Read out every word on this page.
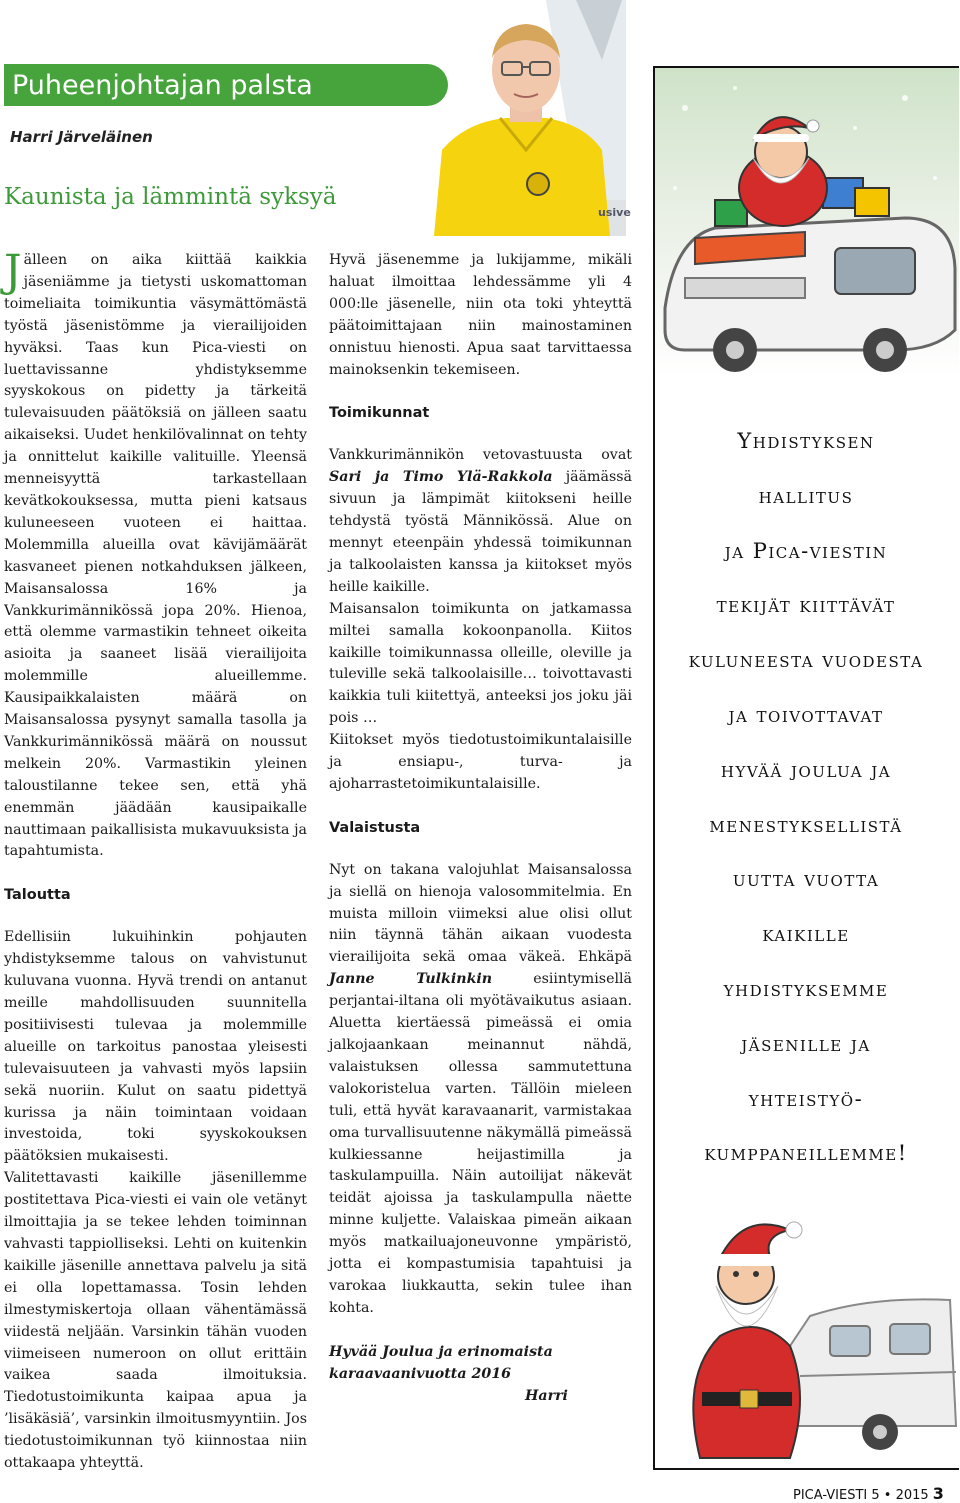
Puheenjohtajan palsta
Harri Järveläinen
Kaunista ja lämmintä syksyä
usive

Jälleen on aika kiittää kaikkia jäseniämme ja tietysti uskomattoman toimeliaita toimikuntia väsymättömästä työstä jäsenistömme ja vierailijoiden hyväksi. Taas kun Pica-viesti on luettavissanne yhdistyksemme syyskokous on pidetty ja tärkeitä tulevaisuuden päätöksiä on jälleen saatu aikaiseksi. Uudet henkilövalinnat on tehty ja onnittelut kaikille valituille. Yleensä menneisyyttä tarkastellaan kevätkokouksessa, mutta pieni katsaus kuluneeseen vuoteen ei haittaa. Molemmilla alueilla ovat kävijämäärät kasvaneet pienen notkahduksen jälkeen, Maisansalossa 16% ja Vankkurimännikössä jopa 20%. Hienoa, että olemme varmastikin tehneet oikeita asioita ja saaneet lisää vierailijoita molemmille alueillemme. Kausipaikkalaisten määrä on Maisansalossa pysynyt samalla tasolla ja Vankkurimännikössä määrä on noussut melkein 20%. Varmastikin yleinen taloustilanne tekee sen, että yhä enemmän jäädään kausipaikalle nauttimaan paikallisista mukavuuksista ja tapahtumista.

Taloutta

Edellisiin lukuihinkin pohjauten yhdistyksemme talous on vahvistunut kuluvana vuonna. Hyvä trendi on antanut meille mahdollisuuden suunnitella positiivisesti tulevaa ja molemmille alueille on tarkoitus panostaa yleisesti tulevaisuuteen ja vahvasti myös lapsiin sekä nuoriin. Kulut on saatu pidettyä kurissa ja näin toimintaan voidaan investoida, toki syyskokouksen päätöksien mukaisesti.

Valitettavasti kaikille jäsenillemme postitettava Pica-viesti ei vain ole vetänyt ilmoittajia ja se tekee lehden toiminnan vahvasti tappiolliseksi. Lehti on kuitenkin kaikille jäsenille annettava palvelu ja sitä ei olla lopettamassa. Tosin lehden ilmestymiskertoja ollaan vähentämässä viidestä neljään. Varsinkin tähän vuoden viimeiseen numeroon on ollut erittäin vaikea saada ilmoituksia. Tiedotustoimikunta kaipaa apua ja ’lisäkäsiä’, varsinkin ilmoitusmyyntiin. Jos tiedotustoimikunnan työ kiinnostaa niin ottakaapa yhteyttä.

Hyvä jäsenemme ja lukijamme, mikäli haluat ilmoittaa lehdessämme yli 4 000:lle jäsenelle, niin ota toki yhteyttä päätoimittajaan niin mainostaminen onnistuu hienosti. Apua saat tarvittaessa mainoksenkin tekemiseen.

Toimikunnat

Vankkurimännikön vetovastuusta ovat Sari ja Timo Ylä-Rakkola jäämässä sivuun ja lämpimät kiitokseni heille tehdystä työstä Männikössä. Alue on mennyt eteenpäin yhdessä toimikunnan ja talkoolaisten kanssa ja kiitokset myös heille kaikille.

Maisansalon toimikunta on jatkamassa miltei samalla kokoonpanolla. Kiitos kaikille toimikunnassa olleille, oleville ja tuleville sekä talkoolaisille… toivottavasti kaikkia tuli kiitettyä, anteeksi jos joku jäi pois …

Kiitokset myös tiedotustoimikuntalaisille ja ensiapu-, turva- ja ajoharrastetoimikuntalaisille.

Valaistusta

Nyt on takana valojuhlat Maisansalossa ja siellä on hienoja valosommitelmia. En muista milloin viimeksi alue olisi ollut niin täynnä tähän aikaan vuodesta vierailijoita sekä omaa väkeä. Ehkäpä Janne Tulkinkin esiintymisellä perjantai-iltana oli myötävaikutus asiaan. Aluetta kiertäessä pimeässä ei omia jalkojaankaan meinannut nähdä, valaistuksen ollessa sammutettuna valokoristelua varten. Tällöin mieleen tuli, että hyvät karavaanarit, varmistakaa oma turvallisuutenne näkymällä pimeässä kulkiessanne heijastimilla ja taskulampuilla. Näin autoilijat näkevät teidät ajoissa ja taskulampulla näette minne kuljette. Valaiskaa pimeän aikaan myös matkailuajoneuvonne ympäristö, jotta ei kompastumisia tapahtuisi ja varokaa liukkautta, sekin tulee ihan kohta.

Hyvää Joulua ja erinomaista
karaavaanivuotta 2016

Harri

Yhdistyksen
hallitus
ja Pica-viestin
tekijät kiittävät
kuluneesta vuodesta
ja toivottavat
hyvää joulua ja
menestyksellistä
uutta vuotta
kaikille
yhdistyksemme
jäsenille ja
yhteistyö-
kumppaneillemme!
PICA-VIESTI 5 • 2015 3
